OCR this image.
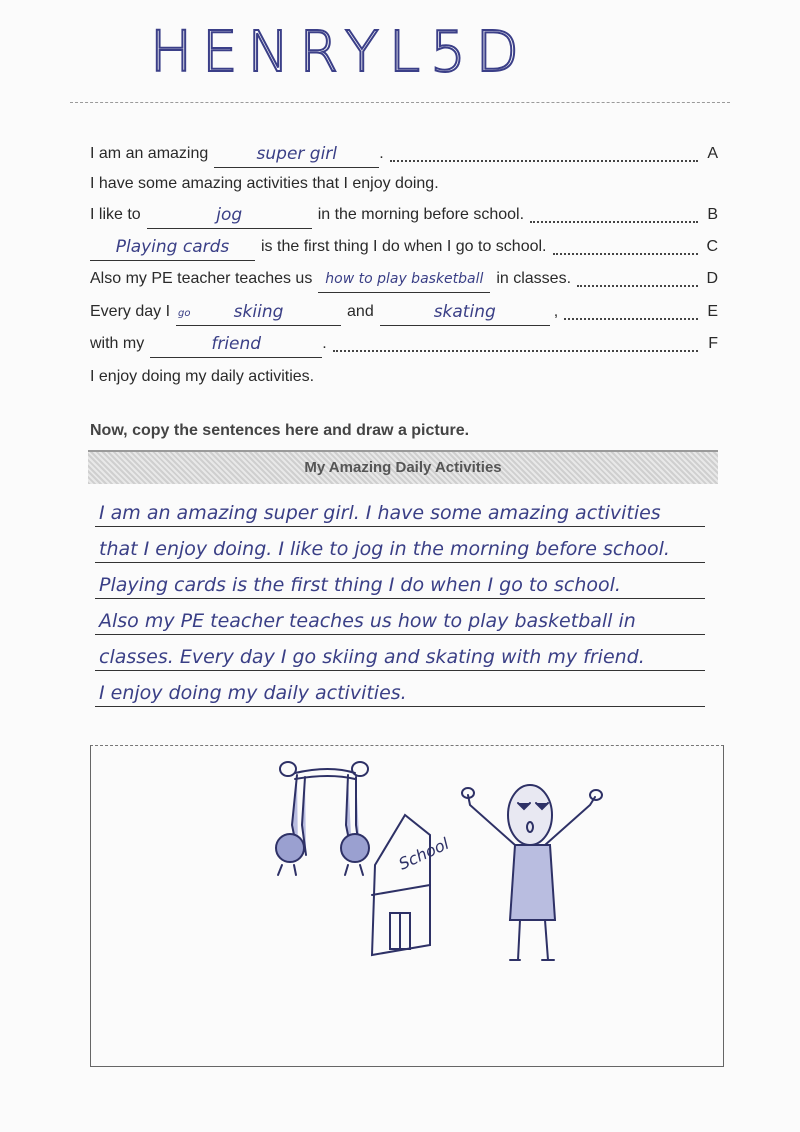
HENRYL5D
I am an amazing	super girl	.	A
I have some amazing activities that I enjoy doing.
I like to	jog	in the morning before school.	B
Playing cards	is the first thing I do when I go to school.	C
Also my PE teacher teaches us how to play basketball in classes.	D
Every day I go	skiing	and	skating	,	E
with my	friend	.	F
I enjoy doing my daily activities.
Now, copy the sentences here and draw a picture.
My Amazing Daily Activities
I am an amazing super girl. I have some amazing activities
that I enjoy doing. I like to jog in the morning before school.
Playing cards is the first thing I do when I go to school.
Also my PE teacher teaches us how to play basketball in
classes. Every day I go skiing and skating with my friend.
I enjoy doing my daily activities.
School
